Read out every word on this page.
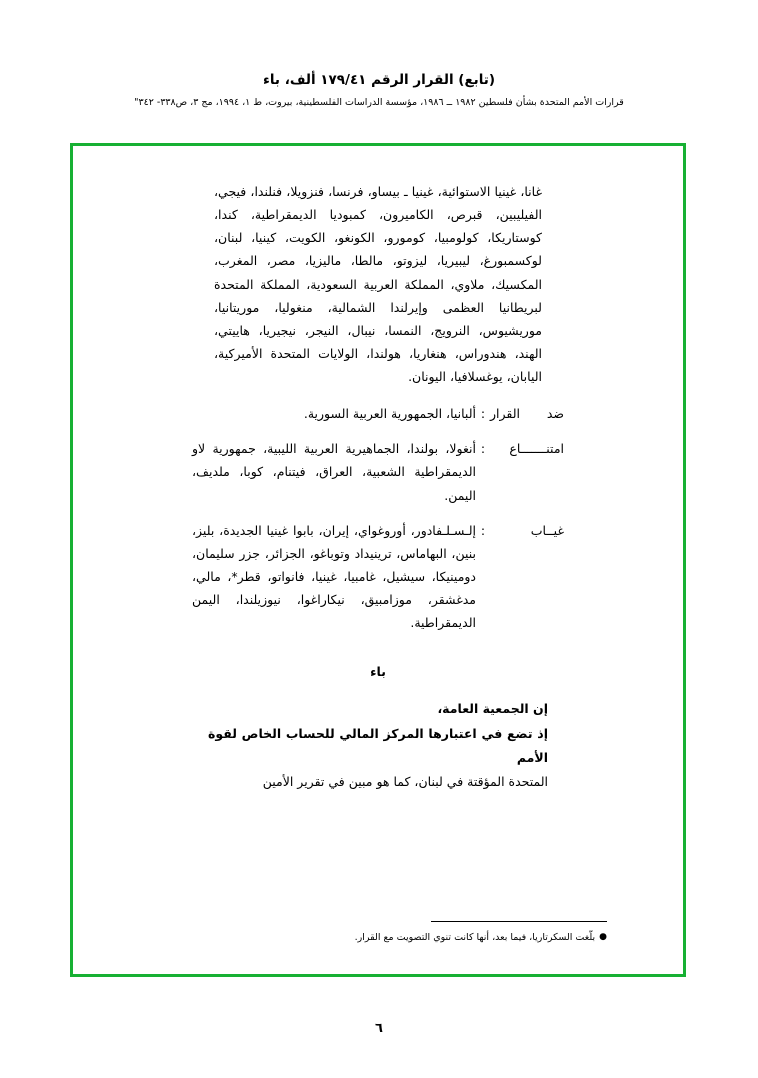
(تابع) القرار الرقم ١٧٩/٤١ ألف، باء
قرارات الأمم المتحدة بشأن فلسطين ١٩٨٢ ــ ١٩٨٦، مؤسسة الدراسات الفلسطينية، بيروت، ط ١، ١٩٩٤، مج ٣، ص٣٣٨- ٣٤٢"
غانا، غينيا الاستوائية، غينيا ـ بيساو، فرنسا، فنزويلا، فنلندا، فيجي، الفيليبين، قبرص، الكاميرون، كمبوديا الديمقراطية، كندا، كوستاريكا، كولومبيا، كومورو، الكونغو، الكويت، كينيا، لبنان، لوكسمبورغ، ليبيريا، ليزوتو، مالطا، ماليزيا، مصر، المغرب، المكسيك، ملاوي، المملكة العربية السعودية، المملكة المتحدة لبريطانيا العظمى وإيرلندا الشمالية، منغوليا، موريتانيا، موريشيوس، النرويج، النمسا، نيبال، النيجر، نيجيريا، هاييتي، الهند، هندوراس، هنغاريا، هولندا، الولايات المتحدة الأميركية، اليابان، يوغسلافيا، اليونان.
ضد القرار
:
ألبانيا، الجمهورية العربية السورية.
امتنـــــــاع
:
أنغولا، بولندا، الجماهيرية العربية الليبية، جمهورية لاو الديمقراطية الشعبية، العراق، فيتنام، كوبا، ملديف، اليمن.
غيــاب
:
إلـسـلـفادور، أوروغواي، إيران، بابوا غينيا الجديدة، بليز، بنين، البهاماس، ترينيداد وتوباغو، الجزائر، جزر سليمان، دومينيكا، سيشيل، غامبيا، غينيا، فانواتو، قطر*، مالي، مدغشقر، موزامبيق، نيكاراغوا، نيوزيلندا، اليمن الديمقراطية.
باء
إن الجمعية العامة،
إذ تضع في اعتبارها المركز المالي للحساب الخاص لقوة الأمم
المتحدة المؤقتة في لبنان، كما هو مبين في تقرير الأمين
●بلّغت السكرتاريا، فيما بعد، أنها كانت تنوي التصويت مع القرار.
٦
